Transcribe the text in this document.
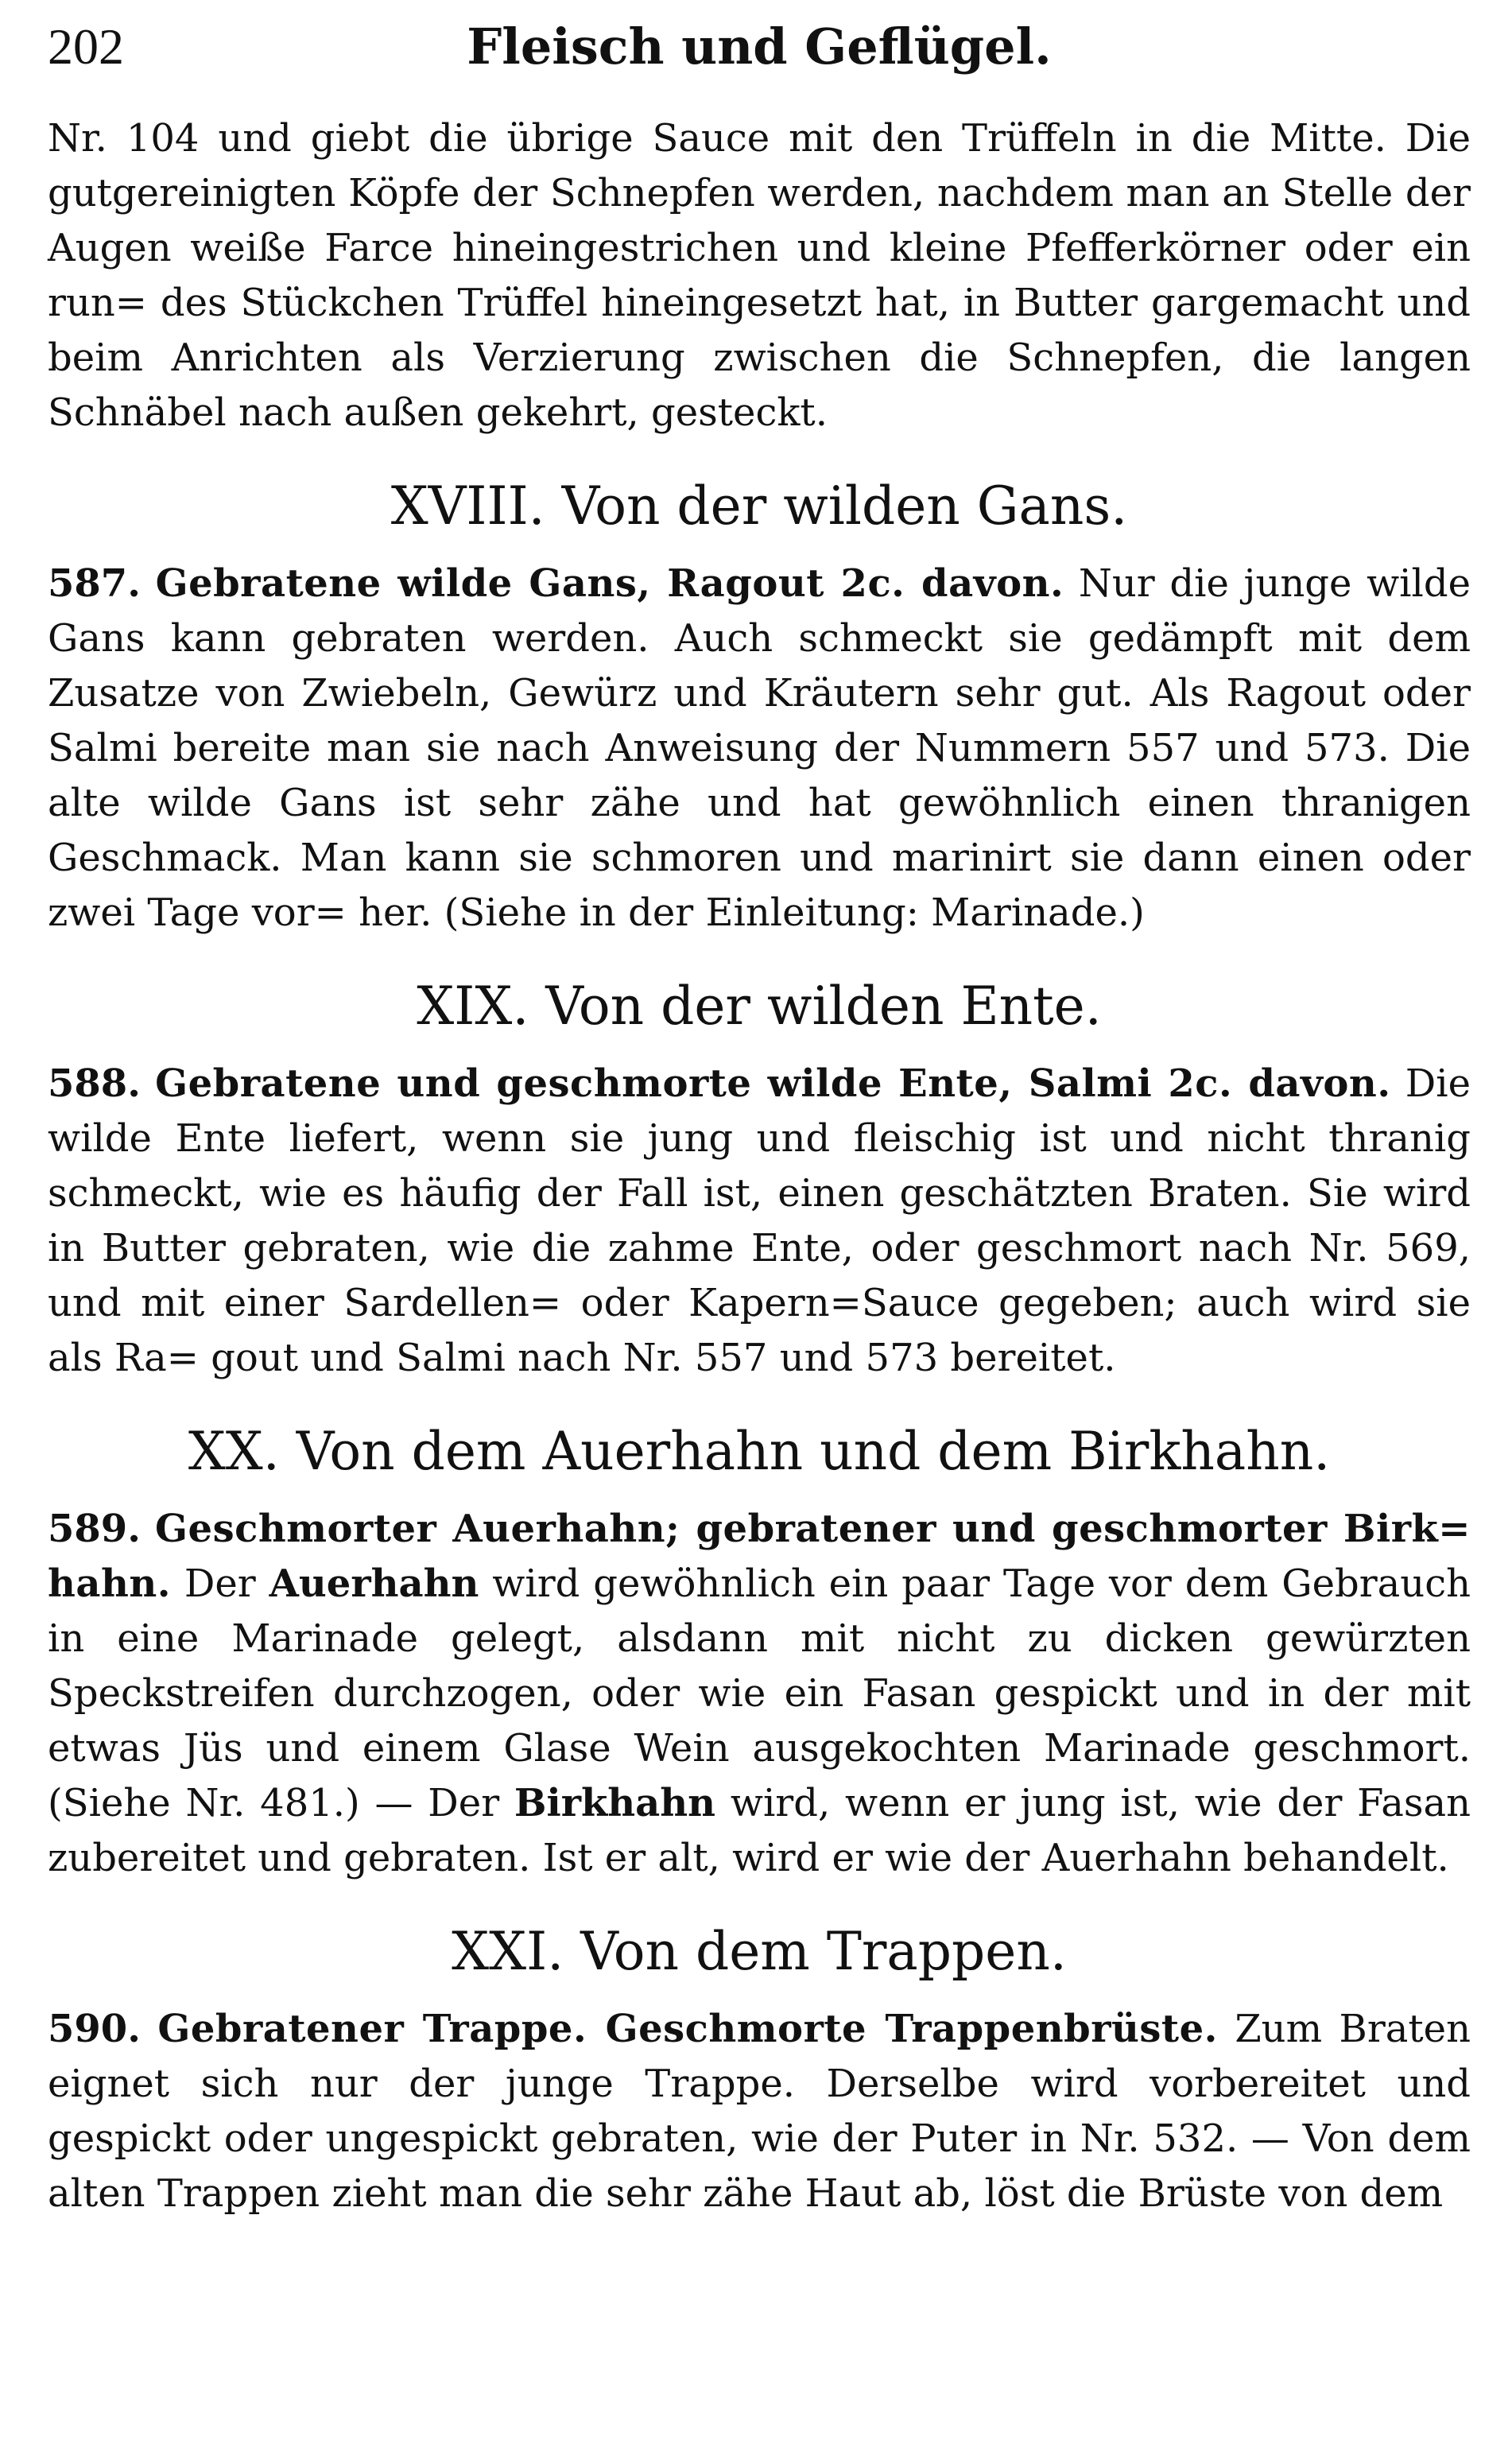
202	Fleisch und Geflügel.

Nr. 104 und giebt die übrige Sauce mit den Trüffeln in die Mitte. Die gutgereinigten Köpfe der Schnepfen werden, nachdem man an Stelle der Augen weiße Farce hineingestrichen und kleine Pfefferkörner oder ein run= des Stückchen Trüffel hineingesetzt hat, in Butter gargemacht und beim Anrichten als Verzierung zwischen die Schnepfen, die langen Schnäbel nach außen gekehrt, gesteckt.

XVIII. Von der wilden Gans.

587. Gebratene wilde Gans, Ragout 2c. davon. Nur die junge wilde Gans kann gebraten werden. Auch schmeckt sie gedämpft mit dem Zusatze von Zwiebeln, Gewürz und Kräutern sehr gut. Als Ragout oder Salmi bereite man sie nach Anweisung der Nummern 557 und 573. Die alte wilde Gans ist sehr zähe und hat gewöhnlich einen thranigen Geschmack. Man kann sie schmoren und marinirt sie dann einen oder zwei Tage vor= her. (Siehe in der Einleitung: Marinade.)

XIX. Von der wilden Ente.

588. Gebratene und geschmorte wilde Ente, Salmi 2c. davon. Die wilde Ente liefert, wenn sie jung und fleischig ist und nicht thranig schmeckt, wie es häufig der Fall ist, einen geschätzten Braten. Sie wird in Butter gebraten, wie die zahme Ente, oder geschmort nach Nr. 569, und mit einer Sardellen= oder Kapern=Sauce gegeben; auch wird sie als Ra= gout und Salmi nach Nr. 557 und 573 bereitet.

XX. Von dem Auerhahn und dem Birkhahn.

589. Geschmorter Auerhahn; gebratener und geschmorter Birk= hahn. Der Auerhahn wird gewöhnlich ein paar Tage vor dem Gebrauch in eine Marinade gelegt, alsdann mit nicht zu dicken gewürzten Speckstreifen durchzogen, oder wie ein Fasan gespickt und in der mit etwas Jüs und einem Glase Wein ausgekochten Marinade geschmort. (Siehe Nr. 481.) — Der Birkhahn wird, wenn er jung ist, wie der Fasan zubereitet und gebraten. Ist er alt, wird er wie der Auerhahn behandelt.

XXI. Von dem Trappen.

590. Gebratener Trappe. Geschmorte Trappenbrüste. Zum Braten eignet sich nur der junge Trappe. Derselbe wird vorbereitet und gespickt oder ungespickt gebraten, wie der Puter in Nr. 532. — Von dem alten Trappen zieht man die sehr zähe Haut ab, löst die Brüste von dem
